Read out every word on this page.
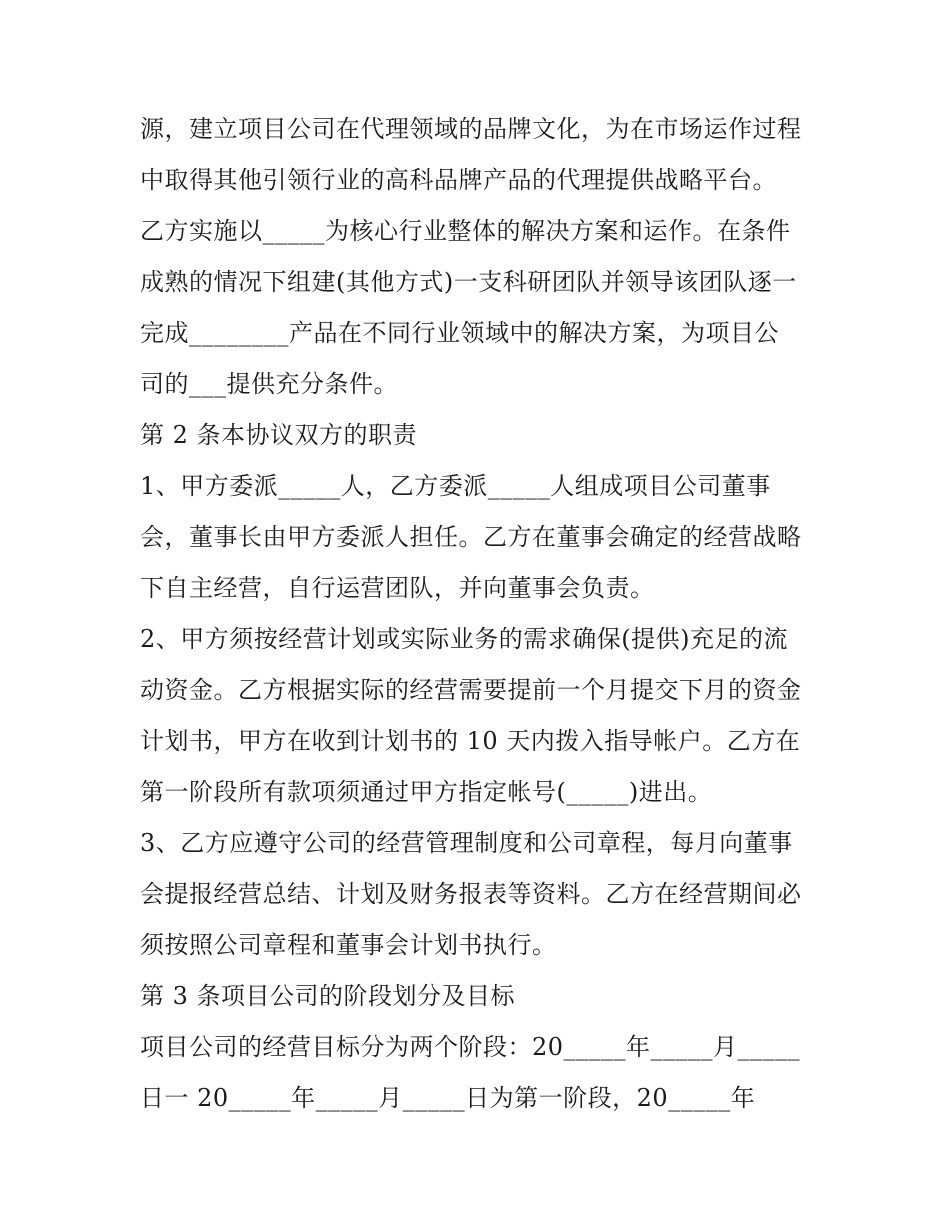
源，建立项目公司在代理领域的品牌文化，为在市场运作过程
中取得其他引领行业的高科品牌产品的代理提供战略平台。
乙方实施以_____为核心行业整体的解决方案和运作。在条件
成熟的情况下组建(其他方式)一支科研团队并领导该团队逐一
完成________产品在不同行业领域中的解决方案，为项目公
司的___提供充分条件。
第 2 条本协议双方的职责
1、甲方委派_____人，乙方委派_____人组成项目公司董事
会，董事长由甲方委派人担任。乙方在董事会确定的经营战略
下自主经营，自行运营团队，并向董事会负责。
2、甲方须按经营计划或实际业务的需求确保(提供)充足的流
动资金。乙方根据实际的经营需要提前一个月提交下月的资金
计划书，甲方在收到计划书的 10 天内拨入指导帐户。乙方在
第一阶段所有款项须通过甲方指定帐号(_____)进出。
3、乙方应遵守公司的经营管理制度和公司章程，每月向董事
会提报经营总结、计划及财务报表等资料。乙方在经营期间必
须按照公司章程和董事会计划书执行。
第 3 条项目公司的阶段划分及目标
项目公司的经营目标分为两个阶段：20_____年_____月_____
日一 20_____年_____月_____日为第一阶段，20_____年
